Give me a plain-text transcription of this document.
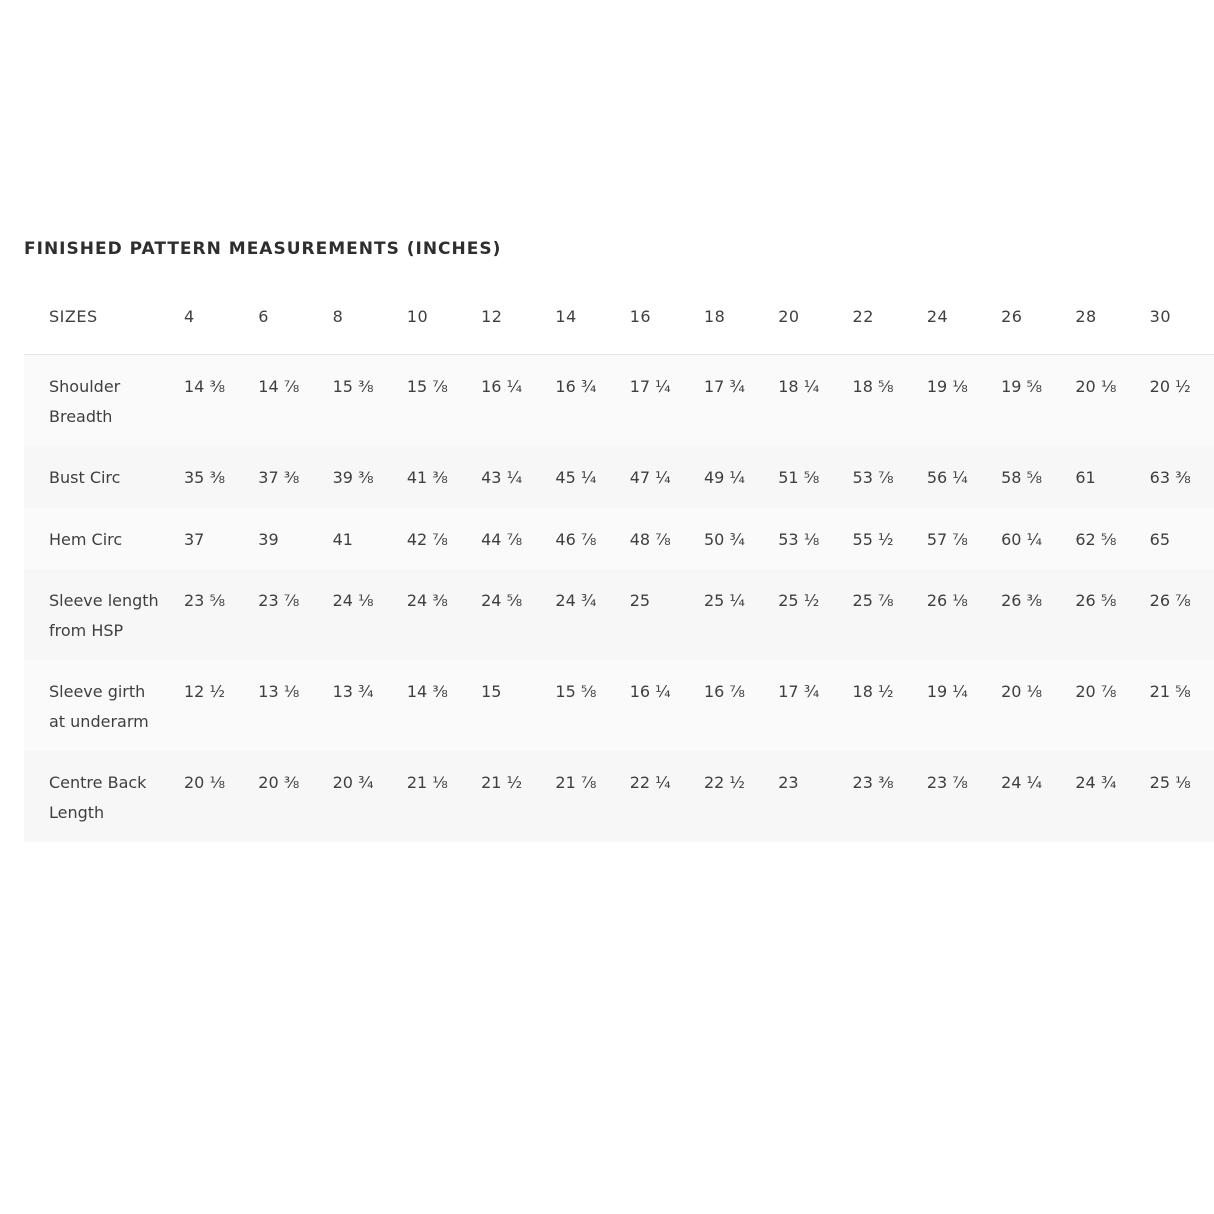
FINISHED PATTERN MEASUREMENTS (INCHES)
SIZES	4	6	8	10	12	14	16	18	20	22	24	26	28	30
Shoulder Breadth	14 ⅜	14 ⅞	15 ⅜	15 ⅞	16 ¼	16 ¾	17 ¼	17 ¾	18 ¼	18 ⅝	19 ⅛	19 ⅝	20 ⅛	20 ½
Bust Circ	35 ⅜	37 ⅜	39 ⅜	41 ⅜	43 ¼	45 ¼	47 ¼	49 ¼	51 ⅝	53 ⅞	56 ¼	58 ⅝	61	63 ⅜
Hem Circ	37	39	41	42 ⅞	44 ⅞	46 ⅞	48 ⅞	50 ¾	53 ⅛	55 ½	57 ⅞	60 ¼	62 ⅝	65
Sleeve length from HSP	23 ⅝	23 ⅞	24 ⅛	24 ⅜	24 ⅝	24 ¾	25	25 ¼	25 ½	25 ⅞	26 ⅛	26 ⅜	26 ⅝	26 ⅞
Sleeve girth at underarm	12 ½	13 ⅛	13 ¾	14 ⅜	15	15 ⅝	16 ¼	16 ⅞	17 ¾	18 ½	19 ¼	20 ⅛	20 ⅞	21 ⅝
Centre Back Length	20 ⅛	20 ⅜	20 ¾	21 ⅛	21 ½	21 ⅞	22 ¼	22 ½	23	23 ⅜	23 ⅞	24 ¼	24 ¾	25 ⅛
